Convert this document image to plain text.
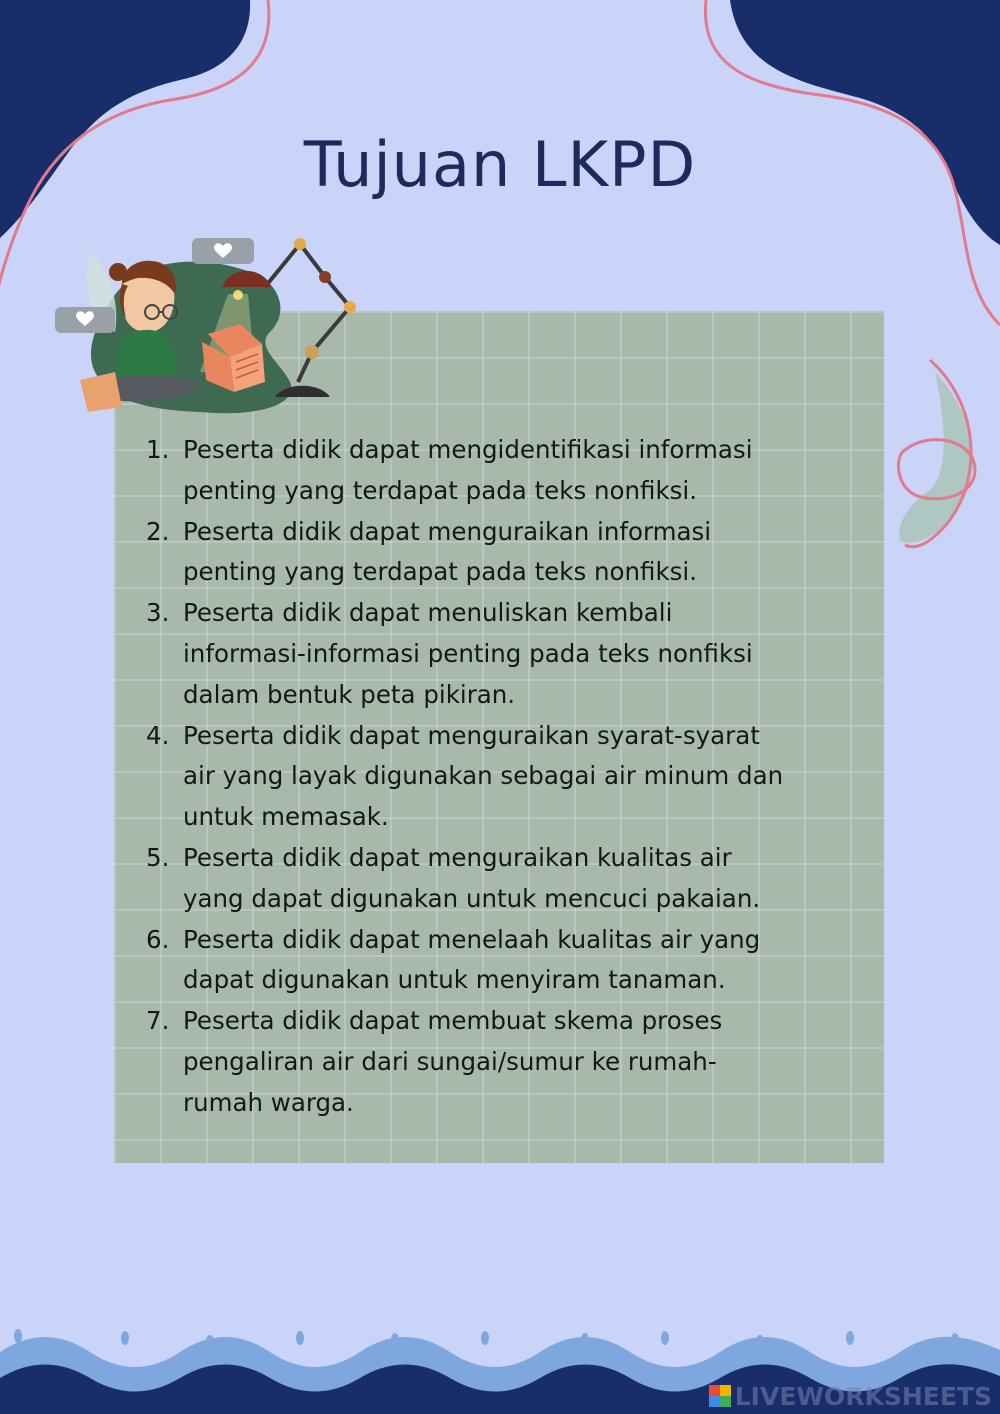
Tujuan LKPD
1. Peserta didik dapat mengidentifikasi informasi
penting yang terdapat pada teks nonfiksi.
2. Peserta didik dapat menguraikan informasi
penting yang terdapat pada teks nonfiksi.
3. Peserta didik dapat menuliskan kembali
informasi-informasi penting pada teks nonfiksi
dalam bentuk peta pikiran.
4. Peserta didik dapat menguraikan syarat-syarat
air yang layak digunakan sebagai air minum dan
untuk memasak.
5. Peserta didik dapat menguraikan kualitas air
yang dapat digunakan untuk mencuci pakaian.
6. Peserta didik dapat menelaah kualitas air yang
dapat digunakan untuk menyiram tanaman.
7. Peserta didik dapat membuat skema proses
pengaliran air dari sungai/sumur ke rumah-
rumah warga.
LIVEWORKSHEETS
